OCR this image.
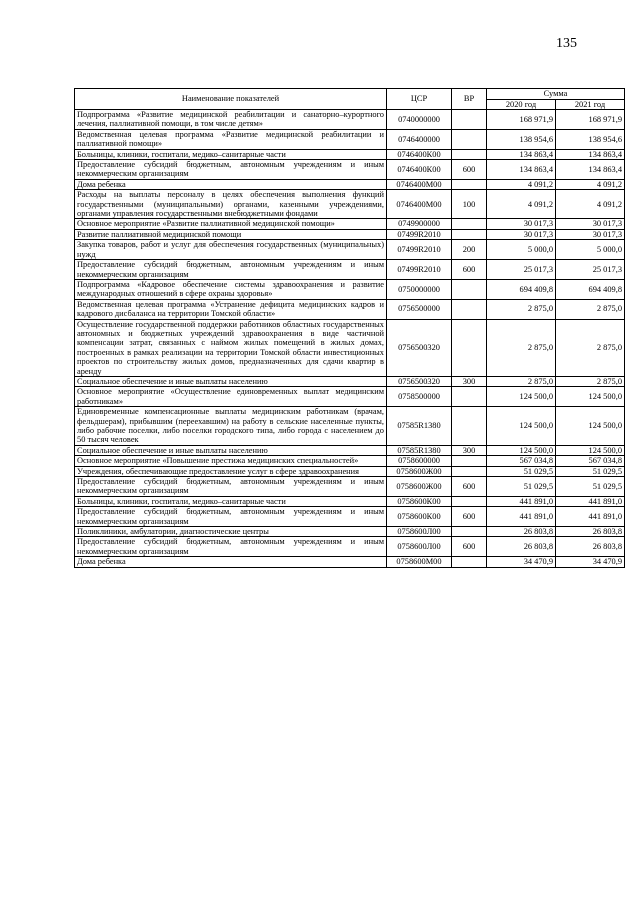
135
Наименование показателей	ЦСР	ВР	Сумма	
			2020 год	2021 год
Подпрограмма «Развитие медицинской реабилитации и санаторно–курортного лечения, паллиативной помощи, в том числе детям»	0740000000		168 971,9	168 971,9
Ведомственная целевая программа «Развитие медицинской реабилитации и паллиативной помощи»	0746400000		138 954,6	138 954,6
Больницы, клиники, госпитали, медико–санитарные части	0746400К00		134 863,4	134 863,4
Предоставление субсидий бюджетным, автономным учреждениям и иным некоммерческим организациям	0746400К00	600	134 863,4	134 863,4
Дома ребенка	0746400М00		4 091,2	4 091,2
Расходы на выплаты персоналу в целях обеспечения выполнения функций государственными (муниципальными) органами, казенными учреждениями, органами управления государственными внебюджетными фондами	0746400М00	100	4 091,2	4 091,2
Основное мероприятие «Развитие паллиативной медицинской помощи»	0749900000		30 017,3	30 017,3
Развитие паллиативной медицинской помощи	07499R2010		30 017,3	30 017,3
Закупка товаров, работ и услуг для обеспечения государственных (муниципальных) нужд	07499R2010	200	5 000,0	5 000,0
Предоставление субсидий бюджетным, автономным учреждениям и иным некоммерческим организациям	07499R2010	600	25 017,3	25 017,3
Подпрограмма «Кадровое обеспечение системы здравоохранения и развитие международных отношений в сфере охраны здоровья»	0750000000		694 409,8	694 409,8
Ведомственная целевая программа «Устранение дефицита медицинских кадров и кадрового дисбаланса на территории Томской области»	0756500000		2 875,0	2 875,0
Осуществление государственной поддержки работников областных государственных автономных и бюджетных учреждений здравоохранения в виде частичной компенсации затрат, связанных с наймом жилых помещений в жилых домах, построенных в рамках реализации на территории Томской области инвестиционных проектов по строительству жилых домов, предназначенных для сдачи квартир в аренду	0756500320		2 875,0	2 875,0
Социальное обеспечение и иные выплаты населению	0756500320	300	2 875,0	2 875,0
Основное мероприятие «Осуществление единовременных выплат медицинским работникам»	0758500000		124 500,0	124 500,0
Единовременные компенсационные выплаты медицинским работникам (врачам, фельдшерам), прибывшим (переехавшим) на работу в сельские населенные пункты, либо рабочие поселки, либо поселки городского типа, либо города с населением до 50 тысяч человек	07585R1380		124 500,0	124 500,0
Социальное обеспечение и иные выплаты населению	07585R1380	300	124 500,0	124 500,0
Основное мероприятие «Повышение престижа медицинских специальностей»	0758600000		567 034,8	567 034,8
Учреждения, обеспечивающие предоставление услуг в сфере здравоохранения	0758600Ж00		51 029,5	51 029,5
Предоставление субсидий бюджетным, автономным учреждениям и иным некоммерческим организациям	0758600Ж00	600	51 029,5	51 029,5
Больницы, клиники, госпитали, медико–санитарные части	0758600К00		441 891,0	441 891,0
Предоставление субсидий бюджетным, автономным учреждениям и иным некоммерческим организациям	0758600К00	600	441 891,0	441 891,0
Поликлиники, амбулатории, диагностические центры	0758600Л00		26 803,8	26 803,8
Предоставление субсидий бюджетным, автономным учреждениям и иным некоммерческим организациям	0758600Л00	600	26 803,8	26 803,8
Дома ребенка	0758600М00		34 470,9	34 470,9
